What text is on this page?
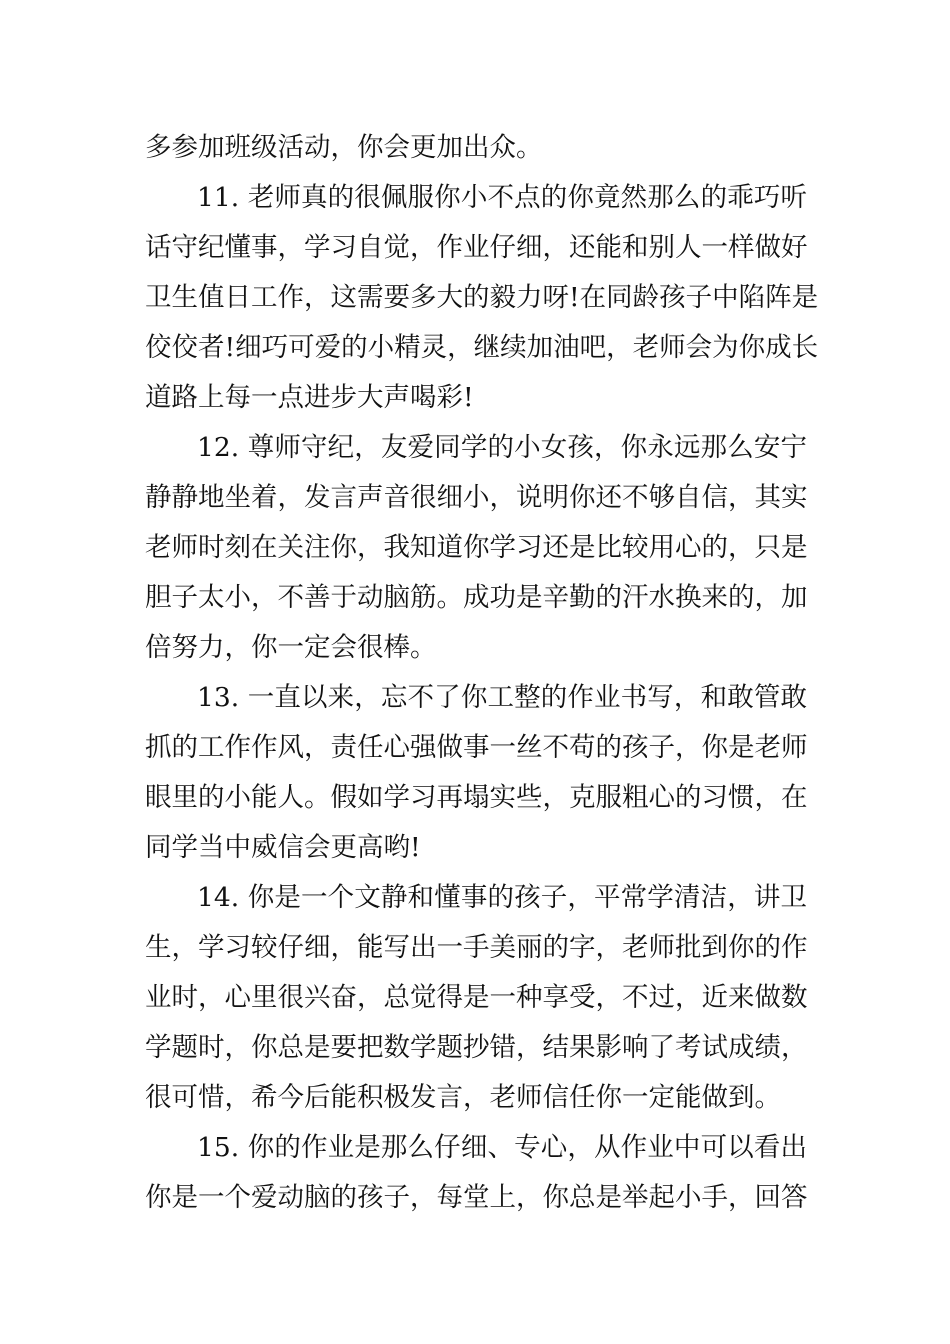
多参加班级活动，你会更加出众。
11. 老师真的很佩服你小不点的你竟然那么的乖巧听
话守纪懂事，学习自觉，作业仔细，还能和别人一样做好
卫生值日工作，这需要多大的毅力呀!在同龄孩子中陷阵是
佼佼者!细巧可爱的小精灵，继续加油吧，老师会为你成长
道路上每一点进步大声喝彩!
12. 尊师守纪，友爱同学的小女孩，你永远那么安宁
静静地坐着，发言声音很细小，说明你还不够自信，其实
老师时刻在关注你，我知道你学习还是比较用心的，只是
胆子太小，不善于动脑筋。成功是辛勤的汗水换来的，加
倍努力，你一定会很棒。
13. 一直以来，忘不了你工整的作业书写，和敢管敢
抓的工作作风，责任心强做事一丝不苟的孩子，你是老师
眼里的小能人。假如学习再塌实些，克服粗心的习惯，在
同学当中威信会更高哟!
14. 你是一个文静和懂事的孩子，平常学清洁，讲卫
生，学习较仔细，能写出一手美丽的字，老师批到你的作
业时，心里很兴奋，总觉得是一种享受，不过，近来做数
学题时，你总是要把数学题抄错，结果影响了考试成绩，
很可惜，希今后能积极发言，老师信任你一定能做到。
15. 你的作业是那么仔细、专心，从作业中可以看出
你是一个爱动脑的孩子，每堂上，你总是举起小手，回答
